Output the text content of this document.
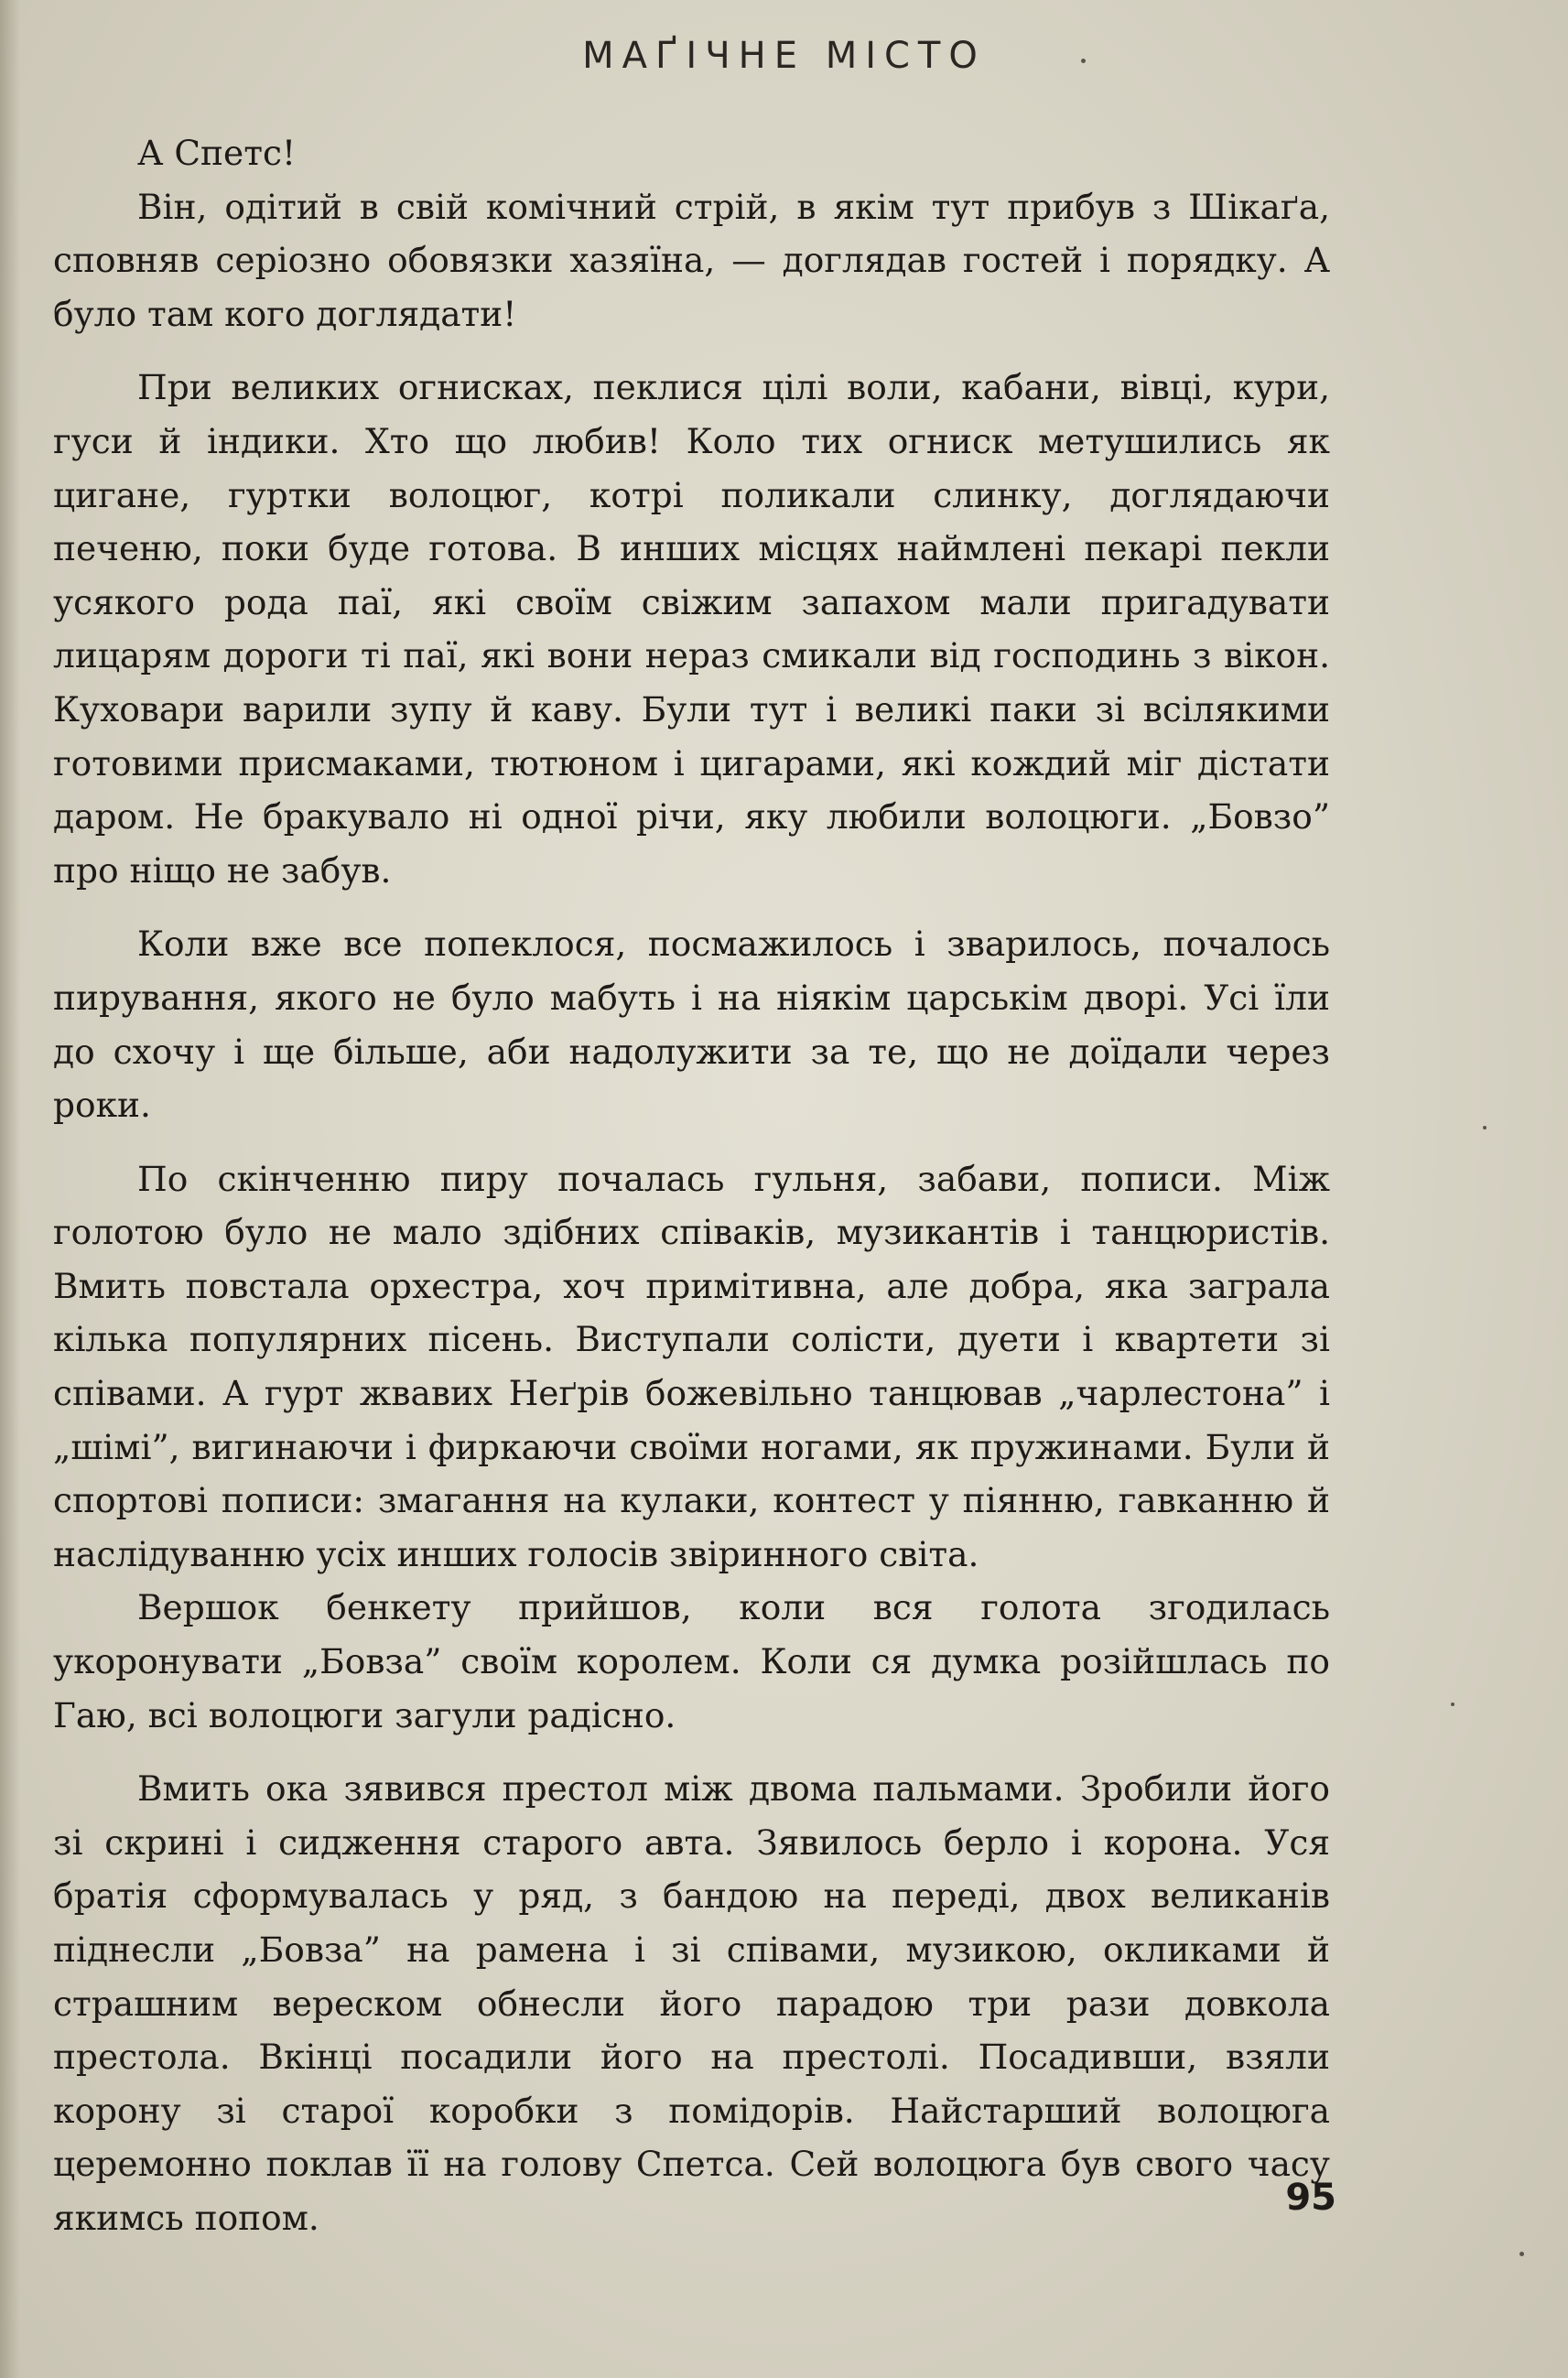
МАҐІЧНЕ МІСТО

А Спетс!

Він, одітий в свій комічний стрій, в якім тут прибув з Шікаґа, сповняв серіозно обовязки хазяїна, — доглядав гостей і порядку. А було там кого доглядати!

При великих огнисках, пеклися цілі воли, кабани, вівці, кури, гуси й індики. Хто що любив! Коло тих огниск метушились як цигане, гуртки волоцюг, котрі поликали слинку, доглядаючи печеню, поки буде готова. В инших місцях наймлені пекарі пекли усякого рода паї, які своїм свіжим запахом мали пригадувати лицарям дороги ті паї, які вони нераз смикали від господинь з вікон. Куховари варили зупу й каву. Були тут і великі паки зі всілякими готовими присмаками, тютюном і цигарами, які кождий міг дістати даром. Не бракувало ні одної річи, яку любили волоцюги. „Бовзо” про ніщо не забув.

Коли вже все попеклося, посмажилось і зварилось, почалось пирування, якого не було мабуть і на ніякім царськім дворі. Усі їли до схочу і ще більше, аби надолужити за те, що не доїдали через роки.

По скінченню пиру почалась гульня, забави, пописи. Між голотою було не мало здібних співаків, музикантів і танцюристів. Вмить повстала орхестра, хоч примітивна, але добра, яка заграла кілька популярних пісень. Виступали солісти, дуети і квартети зі співами. А гурт жвавих Неґрів божевільно танцював „чарлестона” і „шімі”, вигинаючи і фиркаючи своїми ногами, як пружинами. Були й спортові пописи: змагання на кулаки, контест у піянню, гавканню й наслідуванню усіх инших голосів звіринного світа.

Вершок бенкету прийшов, коли вся голота згодилась укоронувати „Бовза” своїм королем. Коли ся думка розійшлась по Гаю, всі волоцюги загули радісно.

Вмить ока зявився престол між двома пальмами. Зробили його зі скрині і сидження старого авта. Зявилось берло і корона. Уся братія сформувалась у ряд, з бандою на переді, двох великанів піднесли „Бовза” на рамена і зі співами, музикою, окликами й страшним вереском обнесли його парадою три рази довкола престола. Вкінці посадили його на престолі. Посадивши, взяли корону зі старої коробки з помідорів. Найстарший волоцюга церемонно поклав її на голову Спетса. Сей волоцюга був свого часу якимсь попом.	95
